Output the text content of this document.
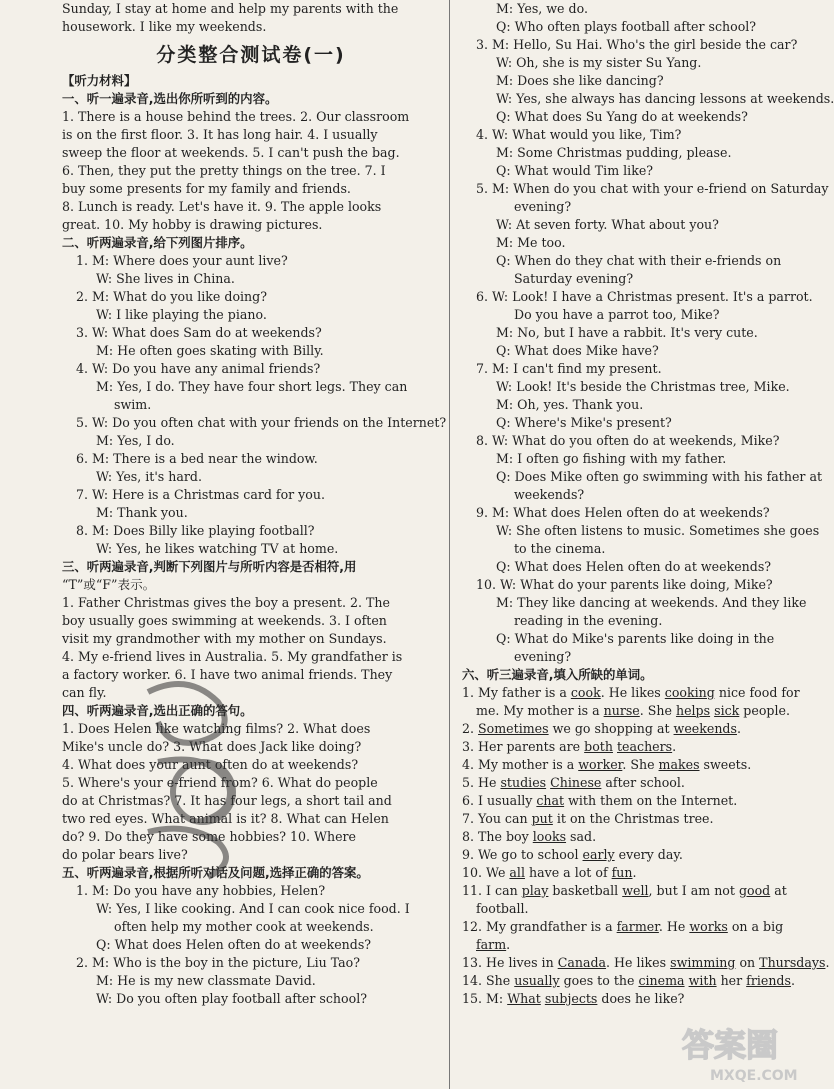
Sunday, I stay at home and help my parents with the
housework. I like my weekends.
分类整合测试卷(一)
【听力材料】
一、听一遍录音,选出你所听到的内容。
1. There is a house behind the trees. 2. Our classroom
is on the first floor. 3. It has long hair. 4. I usually
sweep the floor at weekends. 5. I can't push the bag.
6. Then, they put the pretty things on the tree. 7. I
buy some presents for my family and friends.
8. Lunch is ready. Let's have it. 9. The apple looks
great. 10. My hobby is drawing pictures.
二、听两遍录音,给下列图片排序。
1. M: Where does your aunt live?
W: She lives in China.
2. M: What do you like doing?
W: I like playing the piano.
3. W: What does Sam do at weekends?
M: He often goes skating with Billy.
4. W: Do you have any animal friends?
M: Yes, I do. They have four short legs. They can
swim.
5. W: Do you often chat with your friends on the Internet?
M: Yes, I do.
6. M: There is a bed near the window.
W: Yes, it's hard.
7. W: Here is a Christmas card for you.
M: Thank you.
8. M: Does Billy like playing football?
W: Yes, he likes watching TV at home.
三、听两遍录音,判断下列图片与所听内容是否相符,用
“T”或“F”表示。
1. Father Christmas gives the boy a present. 2. The
boy usually goes swimming at weekends. 3. I often
visit my grandmother with my mother on Sundays.
4. My e-friend lives in Australia. 5. My grandfather is
a factory worker. 6. I have two animal friends. They
can fly.
四、听两遍录音,选出正确的答句。
1. Does Helen like watching films? 2. What does
Mike's uncle do? 3. What does Jack like doing?
4. What does your aunt often do at weekends?
5. Where's your e-friend from? 6. What do people
do at Christmas? 7. It has four legs, a short tail and
two red eyes. What animal is it? 8. What can Helen
do? 9. Do they have some hobbies? 10. Where
do polar bears live?
五、听两遍录音,根据所听对话及问题,选择正确的答案。
1. M: Do you have any hobbies, Helen?
W: Yes, I like cooking. And I can cook nice food. I
often help my mother cook at weekends.
Q: What does Helen often do at weekends?
2. M: Who is the boy in the picture, Liu Tao?
M: He is my new classmate David.
W: Do you often play football after school?
M: Yes, we do.
Q: Who often plays football after school?
3. M: Hello, Su Hai. Who's the girl beside the car?
W: Oh, she is my sister Su Yang.
M: Does she like dancing?
W: Yes, she always has dancing lessons at weekends.
Q: What does Su Yang do at weekends?
4. W: What would you like, Tim?
M: Some Christmas pudding, please.
Q: What would Tim like?
5. M: When do you chat with your e-friend on Saturday
evening?
W: At seven forty. What about you?
M: Me too.
Q: When do they chat with their e-friends on
Saturday evening?
6. W: Look! I have a Christmas present. It's a parrot.
Do you have a parrot too, Mike?
M: No, but I have a rabbit. It's very cute.
Q: What does Mike have?
7. M: I can't find my present.
W: Look! It's beside the Christmas tree, Mike.
M: Oh, yes. Thank you.
Q: Where's Mike's present?
8. W: What do you often do at weekends, Mike?
M: I often go fishing with my father.
Q: Does Mike often go swimming with his father at
weekends?
9. M: What does Helen often do at weekends?
W: She often listens to music. Sometimes she goes
to the cinema.
Q: What does Helen often do at weekends?
10. W: What do your parents like doing, Mike?
M: They like dancing at weekends. And they like
reading in the evening.
Q: What do Mike's parents like doing in the
evening?
六、听三遍录音,填入所缺的单词。
1. My father is a cook. He likes cooking nice food for
me. My mother is a nurse. She helps sick people.
2. Sometimes we go shopping at weekends.
3. Her parents are both teachers.
4. My mother is a worker. She makes sweets.
5. He studies Chinese after school.
6. I usually chat with them on the Internet.
7. You can put it on the Christmas tree.
8. The boy looks sad.
9. We go to school early every day.
10. We all have a lot of fun.
11. I can play basketball well, but I am not good at
football.
12. My grandfather is a farmer. He works on a big
farm.
13. He lives in Canada. He likes swimming on Thursdays.
14. She usually goes to the cinema with her friends.
15. M: What subjects does he like?
答案圈
MXQE.COM
